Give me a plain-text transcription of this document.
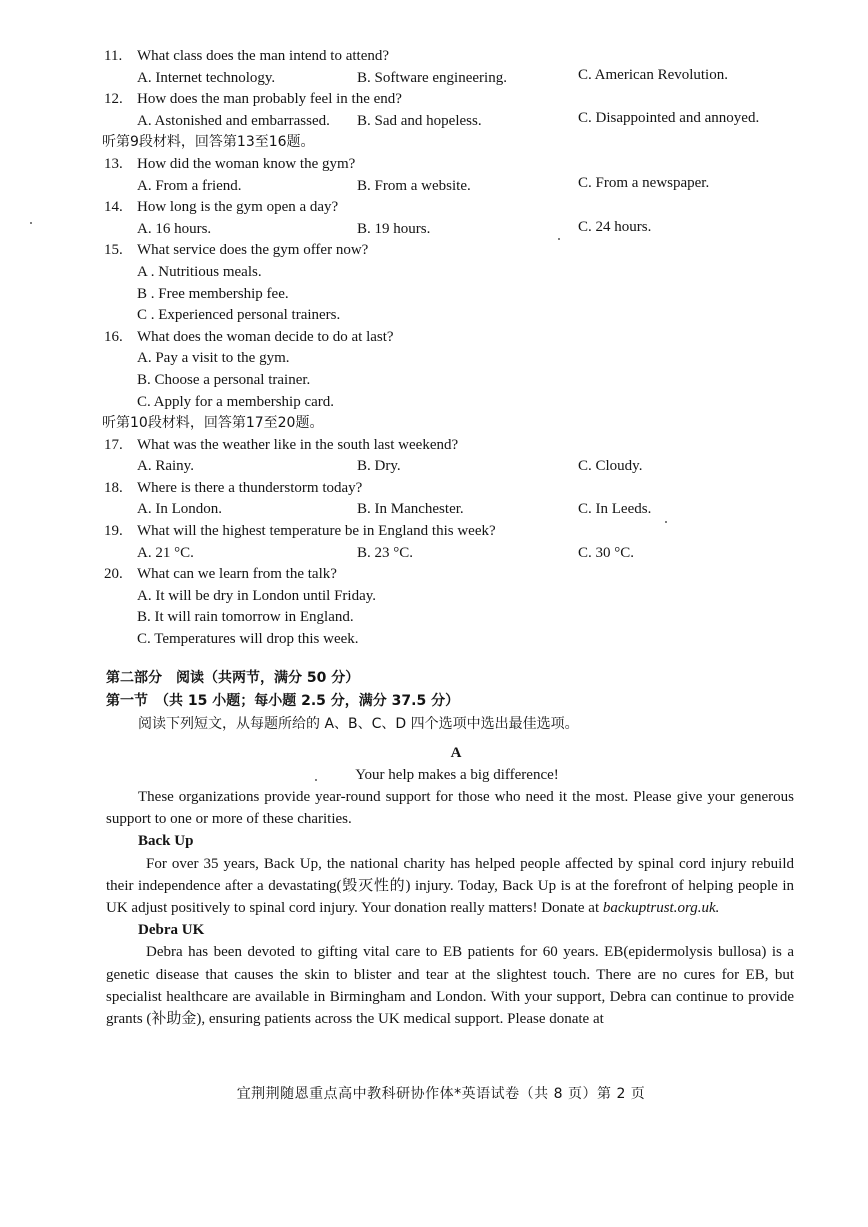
11. What class does the man intend to attend?
A. Internet technology.	B. Software engineering.	C. American Revolution.
12. How does the man probably feel in the end?
A. Astonished and embarrassed. B. Sad and hopeless.	C. Disappointed and annoyed.
听第9段材料，回答第13至16题。
13. How did the woman know the gym?
A. From a friend.	B. From a website.	C. From a newspaper.
14. How long is the gym open a day?
A. 16 hours.	B. 19 hours.	C. 24 hours.
15. What service does the gym offer now?
A . Nutritious meals.
B . Free membership fee.
C . Experienced personal trainers.
16. What does the woman decide to do at last?
A. Pay a visit to the gym.
B. Choose a personal trainer.
C. Apply for a membership card.
听第10段材料，回答第17至20题。
17. What was the weather like in the south last weekend?
A. Rainy.	B. Dry.	C. Cloudy.
18. Where is there a thunderstorm today?
A. In London.	B. In Manchester.	C. In Leeds.
19. What will the highest temperature be in England this week?
A. 21 °C.	B. 23 °C.	C. 30 °C.
20. What can we learn from the talk?
A. It will be dry in London until Friday.
B. It will rain tomorrow in England.
C. Temperatures will drop this week.
第二部分　阅读（共两节，满分 50 分）
第一节　（共 15 小题；每小题 2.5 分，满分 37.5 分）
阅读下列短文，从每题所给的 A、B、C、D 四个选项中选出最佳选项。
A
Your help makes a big difference!

These organizations provide year-round support for those who need it the most. Please give your generous support to one or more of these charities.

Back Up

For over 35 years, Back Up, the national charity has helped people affected by spinal cord injury rebuild their independence after a devastating(毁灭性的) injury. Today, Back Up is at the forefront of helping people in UK adjust positively to spinal cord injury. Your donation really matters! Donate at backuptrust.org.uk.

Debra UK

Debra has been devoted to gifting vital care to EB patients for 60 years. EB(epidermolysis bullosa) is a genetic disease that causes the skin to blister and tear at the slightest touch. There are no cures for EB, but specialist healthcare are available in Birmingham and London. With your support, Debra can continue to provide grants (补助金), ensuring patients across the UK medical support. Please donate at

宜荆荆随恩重点高中教科研协作体*英语试卷（共 8 页）第 2 页
